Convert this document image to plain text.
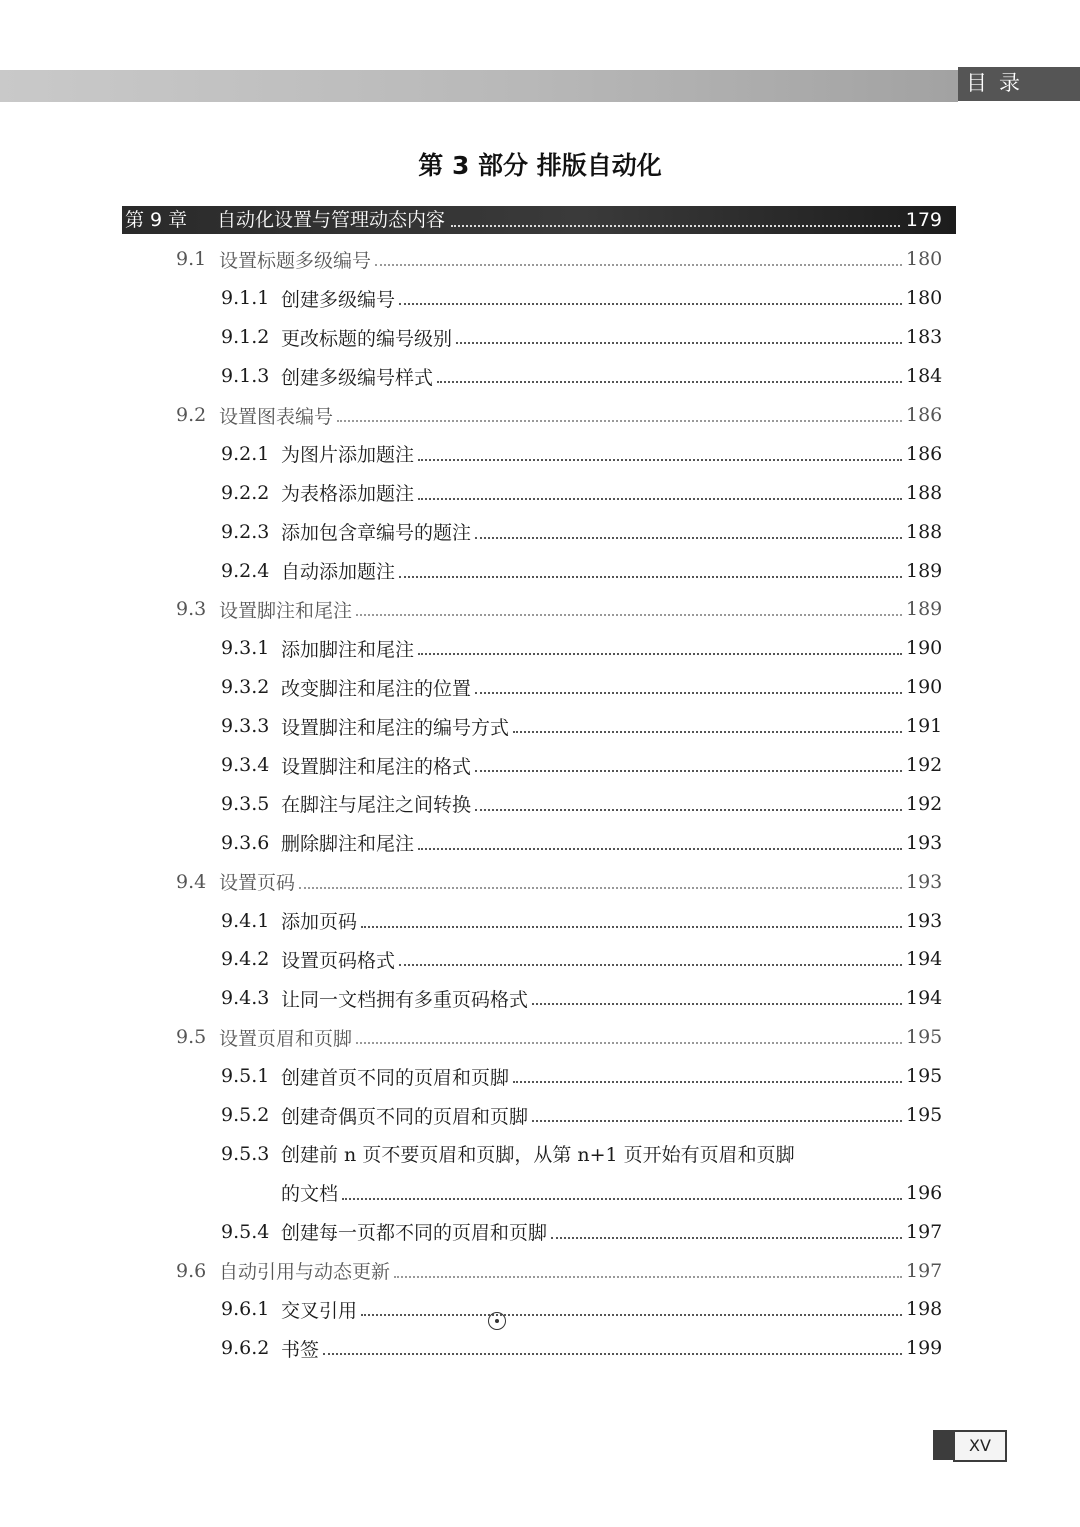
目录
第 3 部分 排版自动化
第 9 章	自动化设置与管理动态内容	179
9.1 设置标题多级编号	180
9.1.1 创建多级编号	180
9.1.2 更改标题的编号级别	183
9.1.3 创建多级编号样式	184
9.2 设置图表编号	186
9.2.1 为图片添加题注	186
9.2.2 为表格添加题注	188
9.2.3 添加包含章编号的题注	188
9.2.4 自动添加题注	189
9.3 设置脚注和尾注	189
9.3.1 添加脚注和尾注	190
9.3.2 改变脚注和尾注的位置	190
9.3.3 设置脚注和尾注的编号方式	191
9.3.4 设置脚注和尾注的格式	192
9.3.5 在脚注与尾注之间转换	192
9.3.6 删除脚注和尾注	193
9.4 设置页码	193
9.4.1 添加页码	193
9.4.2 设置页码格式	194
9.4.3 让同一文档拥有多重页码格式	194
9.5 设置页眉和页脚	195
9.5.1 创建首页不同的页眉和页脚	195
9.5.2 创建奇偶页不同的页眉和页脚	195
9.5.3 创建前 n 页不要页眉和页脚，从第 n+1 页开始有页眉和页脚
的文档	196
9.5.4 创建每一页都不同的页眉和页脚	197
9.6 自动引用与动态更新	197
9.6.1 交叉引用	198
9.6.2 书签	199
XV
